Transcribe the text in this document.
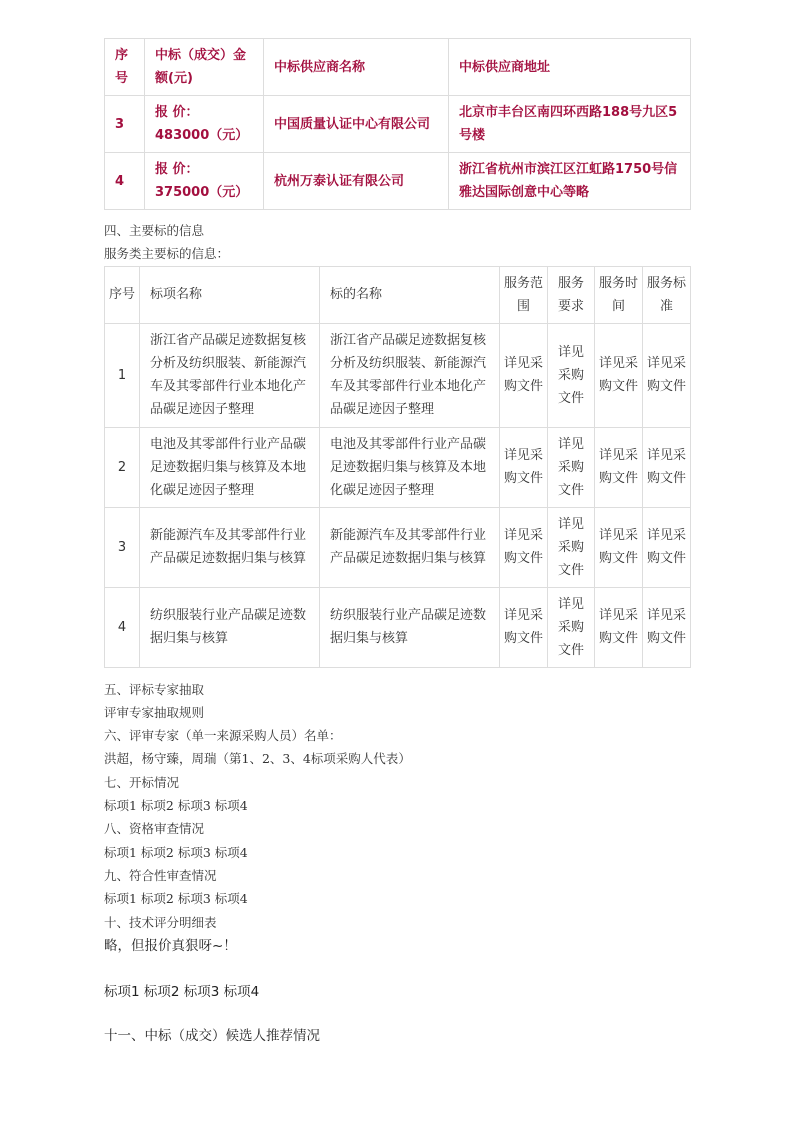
序号	中标（成交）金额(元)	中标供应商名称	中标供应商地址
3	报 价： 483000（元）	中国质量认证中心有限公司	北京市丰台区南四环西路188号九区5号楼
4	报 价： 375000（元）	杭州万泰认证有限公司	浙江省杭州市滨江区江虹路1750号信雅达国际创意中心等略
四、主要标的信息
服务类主要标的信息：
序号	标项名称	标的名称	服务范围	服务要求	服务时间	服务标准
1	浙江省产品碳足迹数据复核分析及纺织服装、新能源汽车及其零部件行业本地化产品碳足迹因子整理	浙江省产品碳足迹数据复核分析及纺织服装、新能源汽车及其零部件行业本地化产品碳足迹因子整理	详见采购文件	详见采购文件	详见采购文件	详见采购文件
2	电池及其零部件行业产品碳足迹数据归集与核算及本地化碳足迹因子整理	电池及其零部件行业产品碳足迹数据归集与核算及本地化碳足迹因子整理	详见采购文件	详见采购文件	详见采购文件	详见采购文件
3	新能源汽车及其零部件行业产品碳足迹数据归集与核算	新能源汽车及其零部件行业产品碳足迹数据归集与核算	详见采购文件	详见采购文件	详见采购文件	详见采购文件
4	纺织服装行业产品碳足迹数据归集与核算	纺织服装行业产品碳足迹数据归集与核算	详见采购文件	详见采购文件	详见采购文件	详见采购文件
五、评标专家抽取
评审专家抽取规则
六、评审专家（单一来源采购人员）名单：
洪超，杨守臻，周瑞（第1、2、3、4标项采购人代表）
七、开标情况
标项1 标项2 标项3 标项4
八、资格审查情况
标项1 标项2 标项3 标项4
九、符合性审查情况
标项1 标项2 标项3 标项4
十、技术评分明细表
略，但报价真狠呀~！
标项1 标项2 标项3 标项4
十一、中标（成交）候选人推荐情况
